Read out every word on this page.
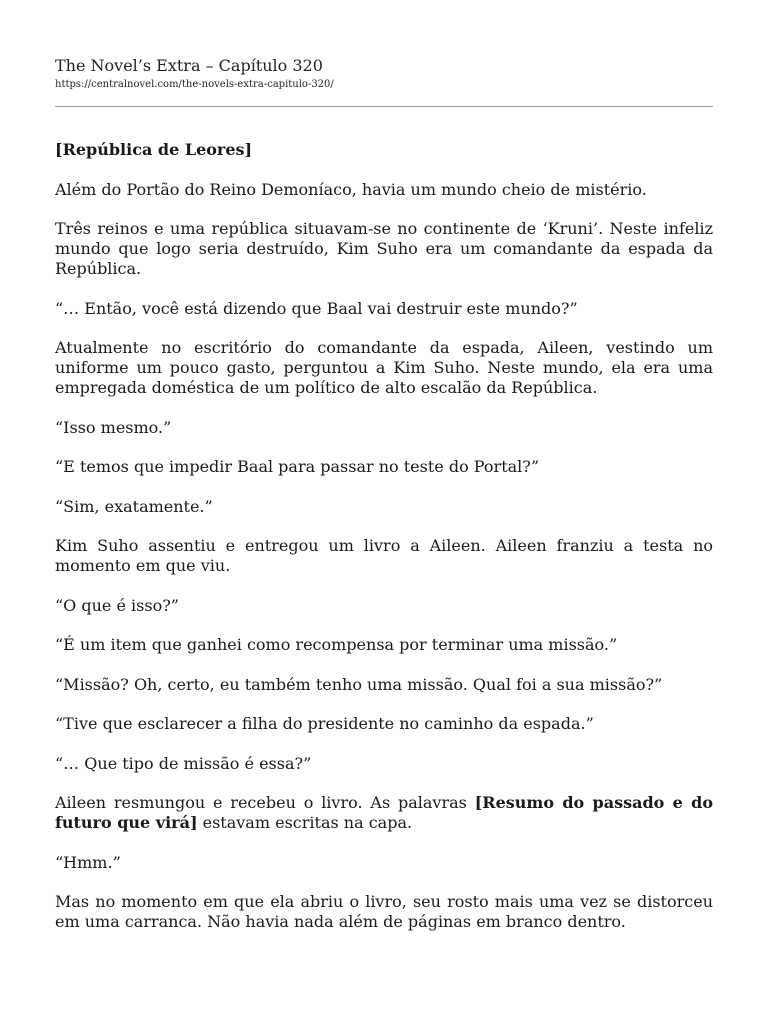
The Novel’s Extra – Capítulo 320
https://centralnovel.com/the-novels-extra-capitulo-320/

[República de Leores]

Além do Portão do Reino Demoníaco, havia um mundo cheio de mistério.

Três reinos e uma república situavam-se no continente de ‘Kruni’. Neste infeliz mundo que logo seria destruído, Kim Suho era um comandante da espada da República.

“… Então, você está dizendo que Baal vai destruir este mundo?”

Atualmente no escritório do comandante da espada, Aileen, vestindo um uniforme um pouco gasto, perguntou a Kim Suho. Neste mundo, ela era uma empregada doméstica de um político de alto escalão da República.

“Isso mesmo.”

“E temos que impedir Baal para passar no teste do Portal?”

“Sim, exatamente.”

Kim Suho assentiu e entregou um livro a Aileen. Aileen franziu a testa no momento em que viu.

“O que é isso?”

“É um item que ganhei como recompensa por terminar uma missão.”

“Missão? Oh, certo, eu também tenho uma missão. Qual foi a sua missão?”

“Tive que esclarecer a filha do presidente no caminho da espada.”

“… Que tipo de missão é essa?”

Aileen resmungou e recebeu o livro. As palavras [Resumo do passado e do futuro que virá] estavam escritas na capa.

“Hmm.”

Mas no momento em que ela abriu o livro, seu rosto mais uma vez se distorceu em uma carranca. Não havia nada além de páginas em branco dentro.
